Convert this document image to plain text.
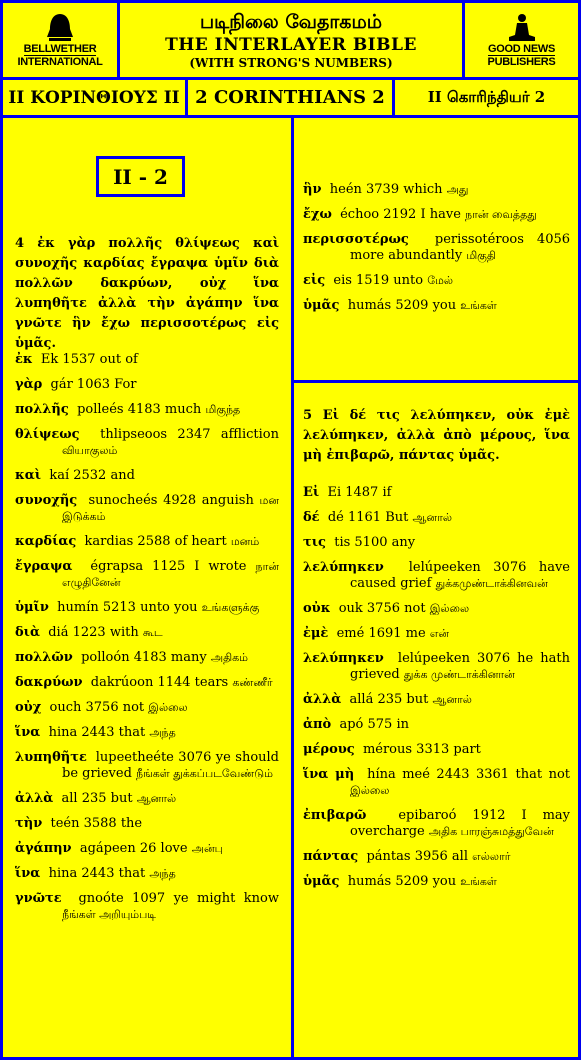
BELLWETHER
INTERNATIONAL
படிநிலை வேதாகமம்
THE INTERLAYER BIBLE
(WITH STRONG'S NUMBERS)
GOOD NEWS
PUBLISHERS
II ΚΟΡΙΝΘΙΟΥΣ II 2 CORINTHIANS 2	II கொரிந்தியர் 2
II - 2
4 ἐκ γὰρ πολλῆς θλίψεως καὶ συνοχῆς καρδίας ἔγραψα ὑμῖν διὰ πολλῶν δακρύων, οὐχ ἵνα λυπηθῆτε ἀλλὰ τὴν ἀγάπην ἵνα γνῶτε ἣν ἔχω περισσοτέρως εἰς ὑμᾶς.
ἐκ Ek 1537 out of
γὰρ gár 1063 For
πολλῆς polleés 4183 much மிகுந்த
θλίψεως thlipseoos 2347 affliction வியாகுலம்
καὶ kaí 2532 and
συνοχῆς sunocheés 4928 anguish மன இடுக்கம்
καρδίας kardias 2588 of heart மனம்
ἔγραψα égrapsa 1125 I wrote நான் எழுதினேன்
ὑμῖν humín 5213 unto you உங்களுக்கு
διὰ diá 1223 with கூட
πολλῶν polloón 4183 many அதிகம்
δακρύων dakrúoon 1144 tears கண்ணீர்
οὐχ ouch 3756 not இல்லை
ἵνα hina 2443 that அந்த
λυπηθῆτε lupeetheéte 3076 ye should be grieved நீங்கள் துக்கப்படவேண்டும்
ἀλλὰ all 235 but ஆனால்
τὴν teén 3588 the
ἀγάπην agápeen 26 love அன்பு
ἵνα hina 2443 that அந்த
γνῶτε gnoóte 1097 ye might know நீங்கள் அறியும்படி
ἣν heén 3739 which அது
ἔχω échoo 2192 I have நான் வைத்தது
περισσοτέρως perissotéroos 4056 more abundantly மிகுதி
εἰς eis 1519 unto மேல்
ὑμᾶς humás 5209 you உங்கள்
5 Εἰ δέ τις λελύπηκεν, οὐκ ἐμὲ λελύπηκεν, ἀλλὰ ἀπὸ μέρους, ἵνα μὴ ἐπιβαρῶ, πάντας ὑμᾶς.
Εἰ Ei 1487 if
δέ dé 1161 But ஆனால்
τις tis 5100 any
λελύπηκεν lelúpeeken 3076 have caused grief துக்கமுண்டாக்கினவன்
οὐκ ouk 3756 not இல்லை
ἐμὲ emé 1691 me என்
λελύπηκεν lelúpeeken 3076 he hath grieved துக்க முண்டாக்கினான்
ἀλλὰ allá 235 but ஆனால்
ἀπὸ apó 575 in
μέρους mérous 3313 part
ἵνα μὴ hína meé 2443 3361 that not இல்லை
ἐπιβαρῶ epibaroó 1912 I may overcharge அதிக பாரஞ்சுமத்துவேன்
πάντας pántas 3956 all எல்லார்
ὑμᾶς humás 5209 you உங்கள்
